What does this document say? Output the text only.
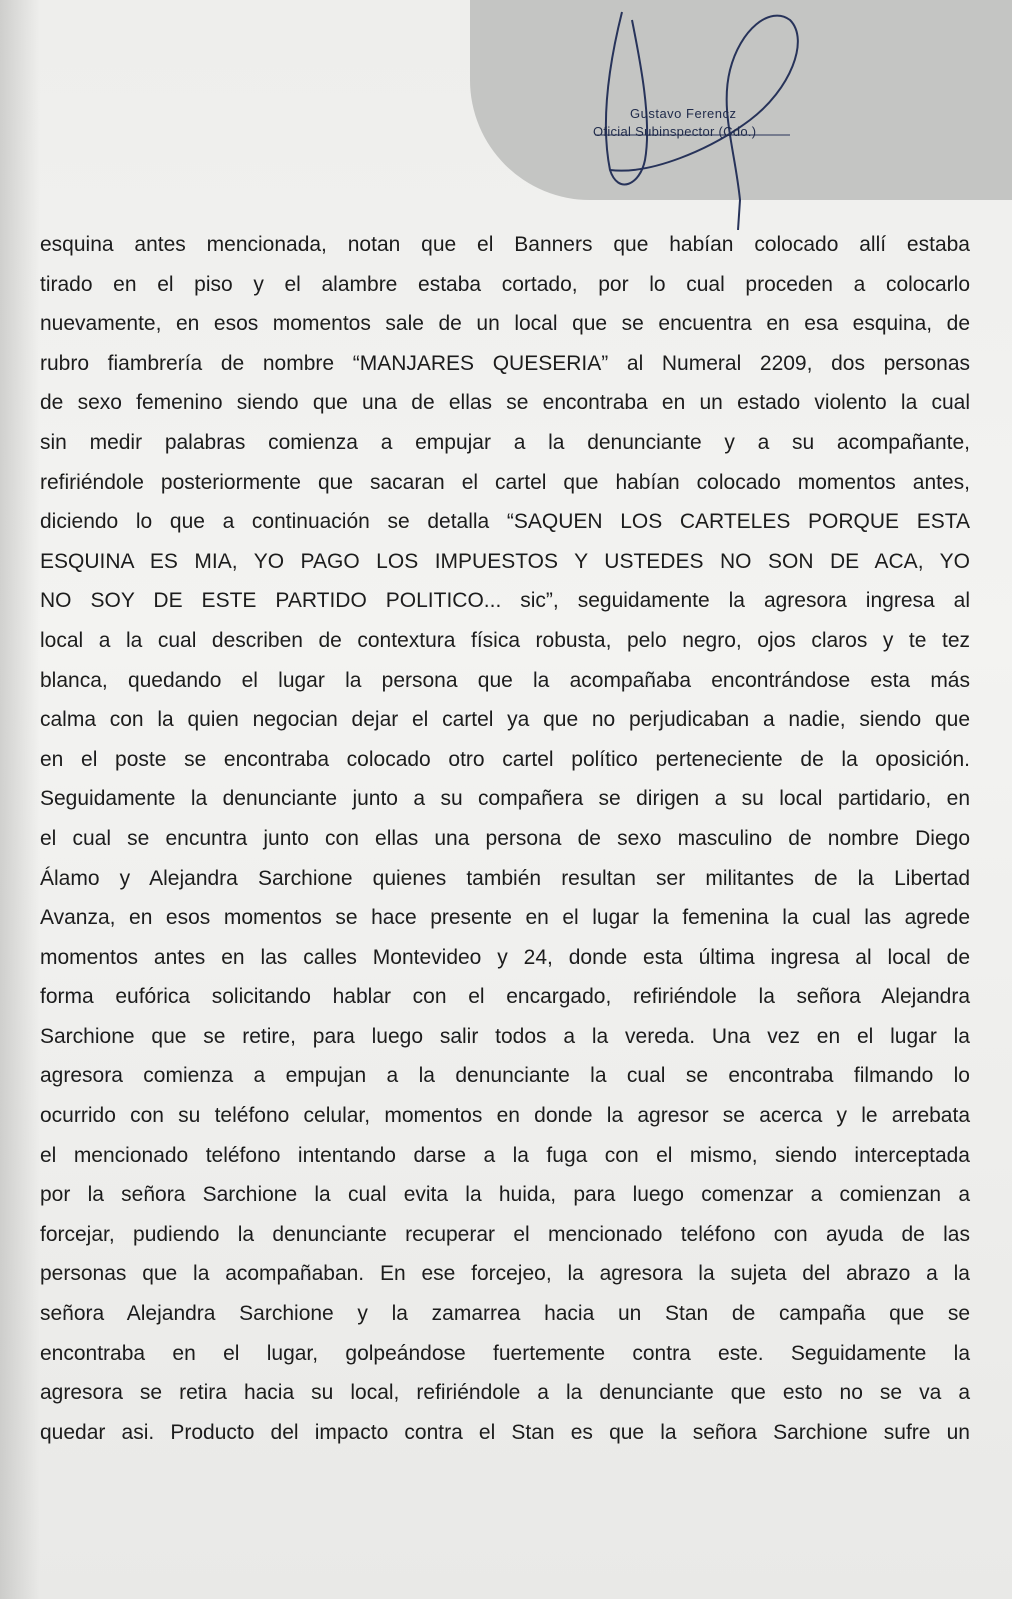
Gustavo Ferencz
Oficial Subinspector (Cdo.)
esquina antes mencionada, notan que el Banners que habían colocado allí estaba
tirado en el piso y el alambre estaba cortado, por lo cual proceden a colocarlo
nuevamente, en esos momentos sale de un local que se encuentra en esa esquina, de
rubro fiambrería de nombre “MANJARES QUESERIA” al Numeral 2209, dos personas
de sexo femenino siendo que una de ellas se encontraba en un estado violento la cual
sin medir palabras comienza a empujar a la denunciante y a su acompañante,
refiriéndole posteriormente que sacaran el cartel que habían colocado momentos antes,
diciendo lo que a continuación se detalla “SAQUEN LOS CARTELES PORQUE ESTA
ESQUINA ES MIA, YO PAGO LOS IMPUESTOS Y USTEDES NO SON DE ACA, YO
NO SOY DE ESTE PARTIDO POLITICO... sic”, seguidamente la agresora ingresa al
local a la cual describen de contextura física robusta, pelo negro, ojos claros y te tez
blanca, quedando el lugar la persona que la acompañaba encontrándose esta más
calma con la quien negocian dejar el cartel ya que no perjudicaban a nadie, siendo que
en el poste se encontraba colocado otro cartel político perteneciente de la oposición.
Seguidamente la denunciante junto a su compañera se dirigen a su local partidario, en
el cual se encuntra junto con ellas una persona de sexo masculino de nombre Diego
Álamo y Alejandra Sarchione quienes también resultan ser militantes de la Libertad
Avanza, en esos momentos se hace presente en el lugar la femenina la cual las agrede
momentos antes en las calles Montevideo y 24, donde esta última ingresa al local de
forma eufórica solicitando hablar con el encargado, refiriéndole la señora Alejandra
Sarchione que se retire, para luego salir todos a la vereda. Una vez en el lugar la
agresora comienza a empujan a la denunciante la cual se encontraba filmando lo
ocurrido con su teléfono celular, momentos en donde la agresor se acerca y le arrebata
el mencionado teléfono intentando darse a la fuga con el mismo, siendo interceptada
por la señora Sarchione la cual evita la huida, para luego comenzar a comienzan a
forcejar, pudiendo la denunciante recuperar el mencionado teléfono con ayuda de las
personas que la acompañaban. En ese forcejeo, la agresora la sujeta del abrazo a la
señora Alejandra Sarchione y la zamarrea hacia un Stan de campaña que se
encontraba en el lugar, golpeándose fuertemente contra este. Seguidamente la
agresora se retira hacia su local, refiriéndole a la denunciante que esto no se va a
quedar asi. Producto del impacto contra el Stan es que la señora Sarchione sufre un
